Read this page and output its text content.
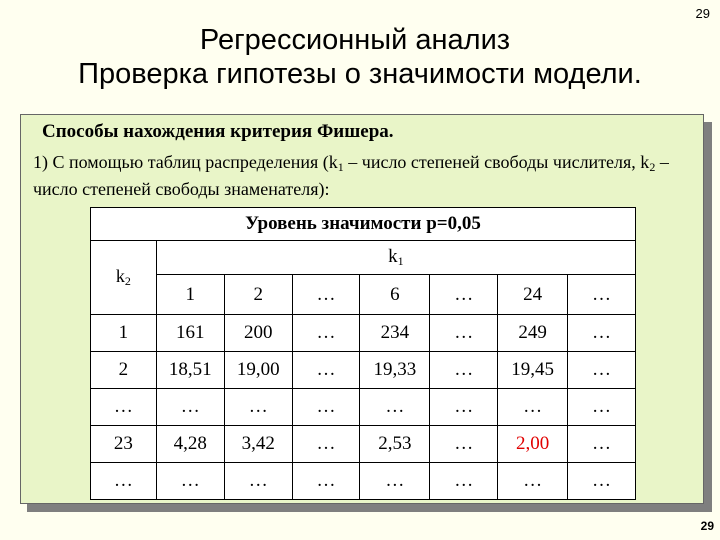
29
Регрессионный анализ
Проверка гипотезы о значимости модели.
Способы нахождения критерия Фишера.
1) С помощью таблиц распределения ($k_1$ – число степеней свободы числителя, $k_2$ – число степеней свободы знаменателя):
Уровень значимости p=0,05							
$k_2$	$k_1$
	1	2	…	6	…	24	…
1	161	200	…	234	…	249	…
2	18,51	19,00	…	19,33	…	19,45	…
…	…	…	…	…	…	…	…
23	4,28	3,42	…	2,53	…	2,00	…
…	…	…	…	…	…	…	…
29
